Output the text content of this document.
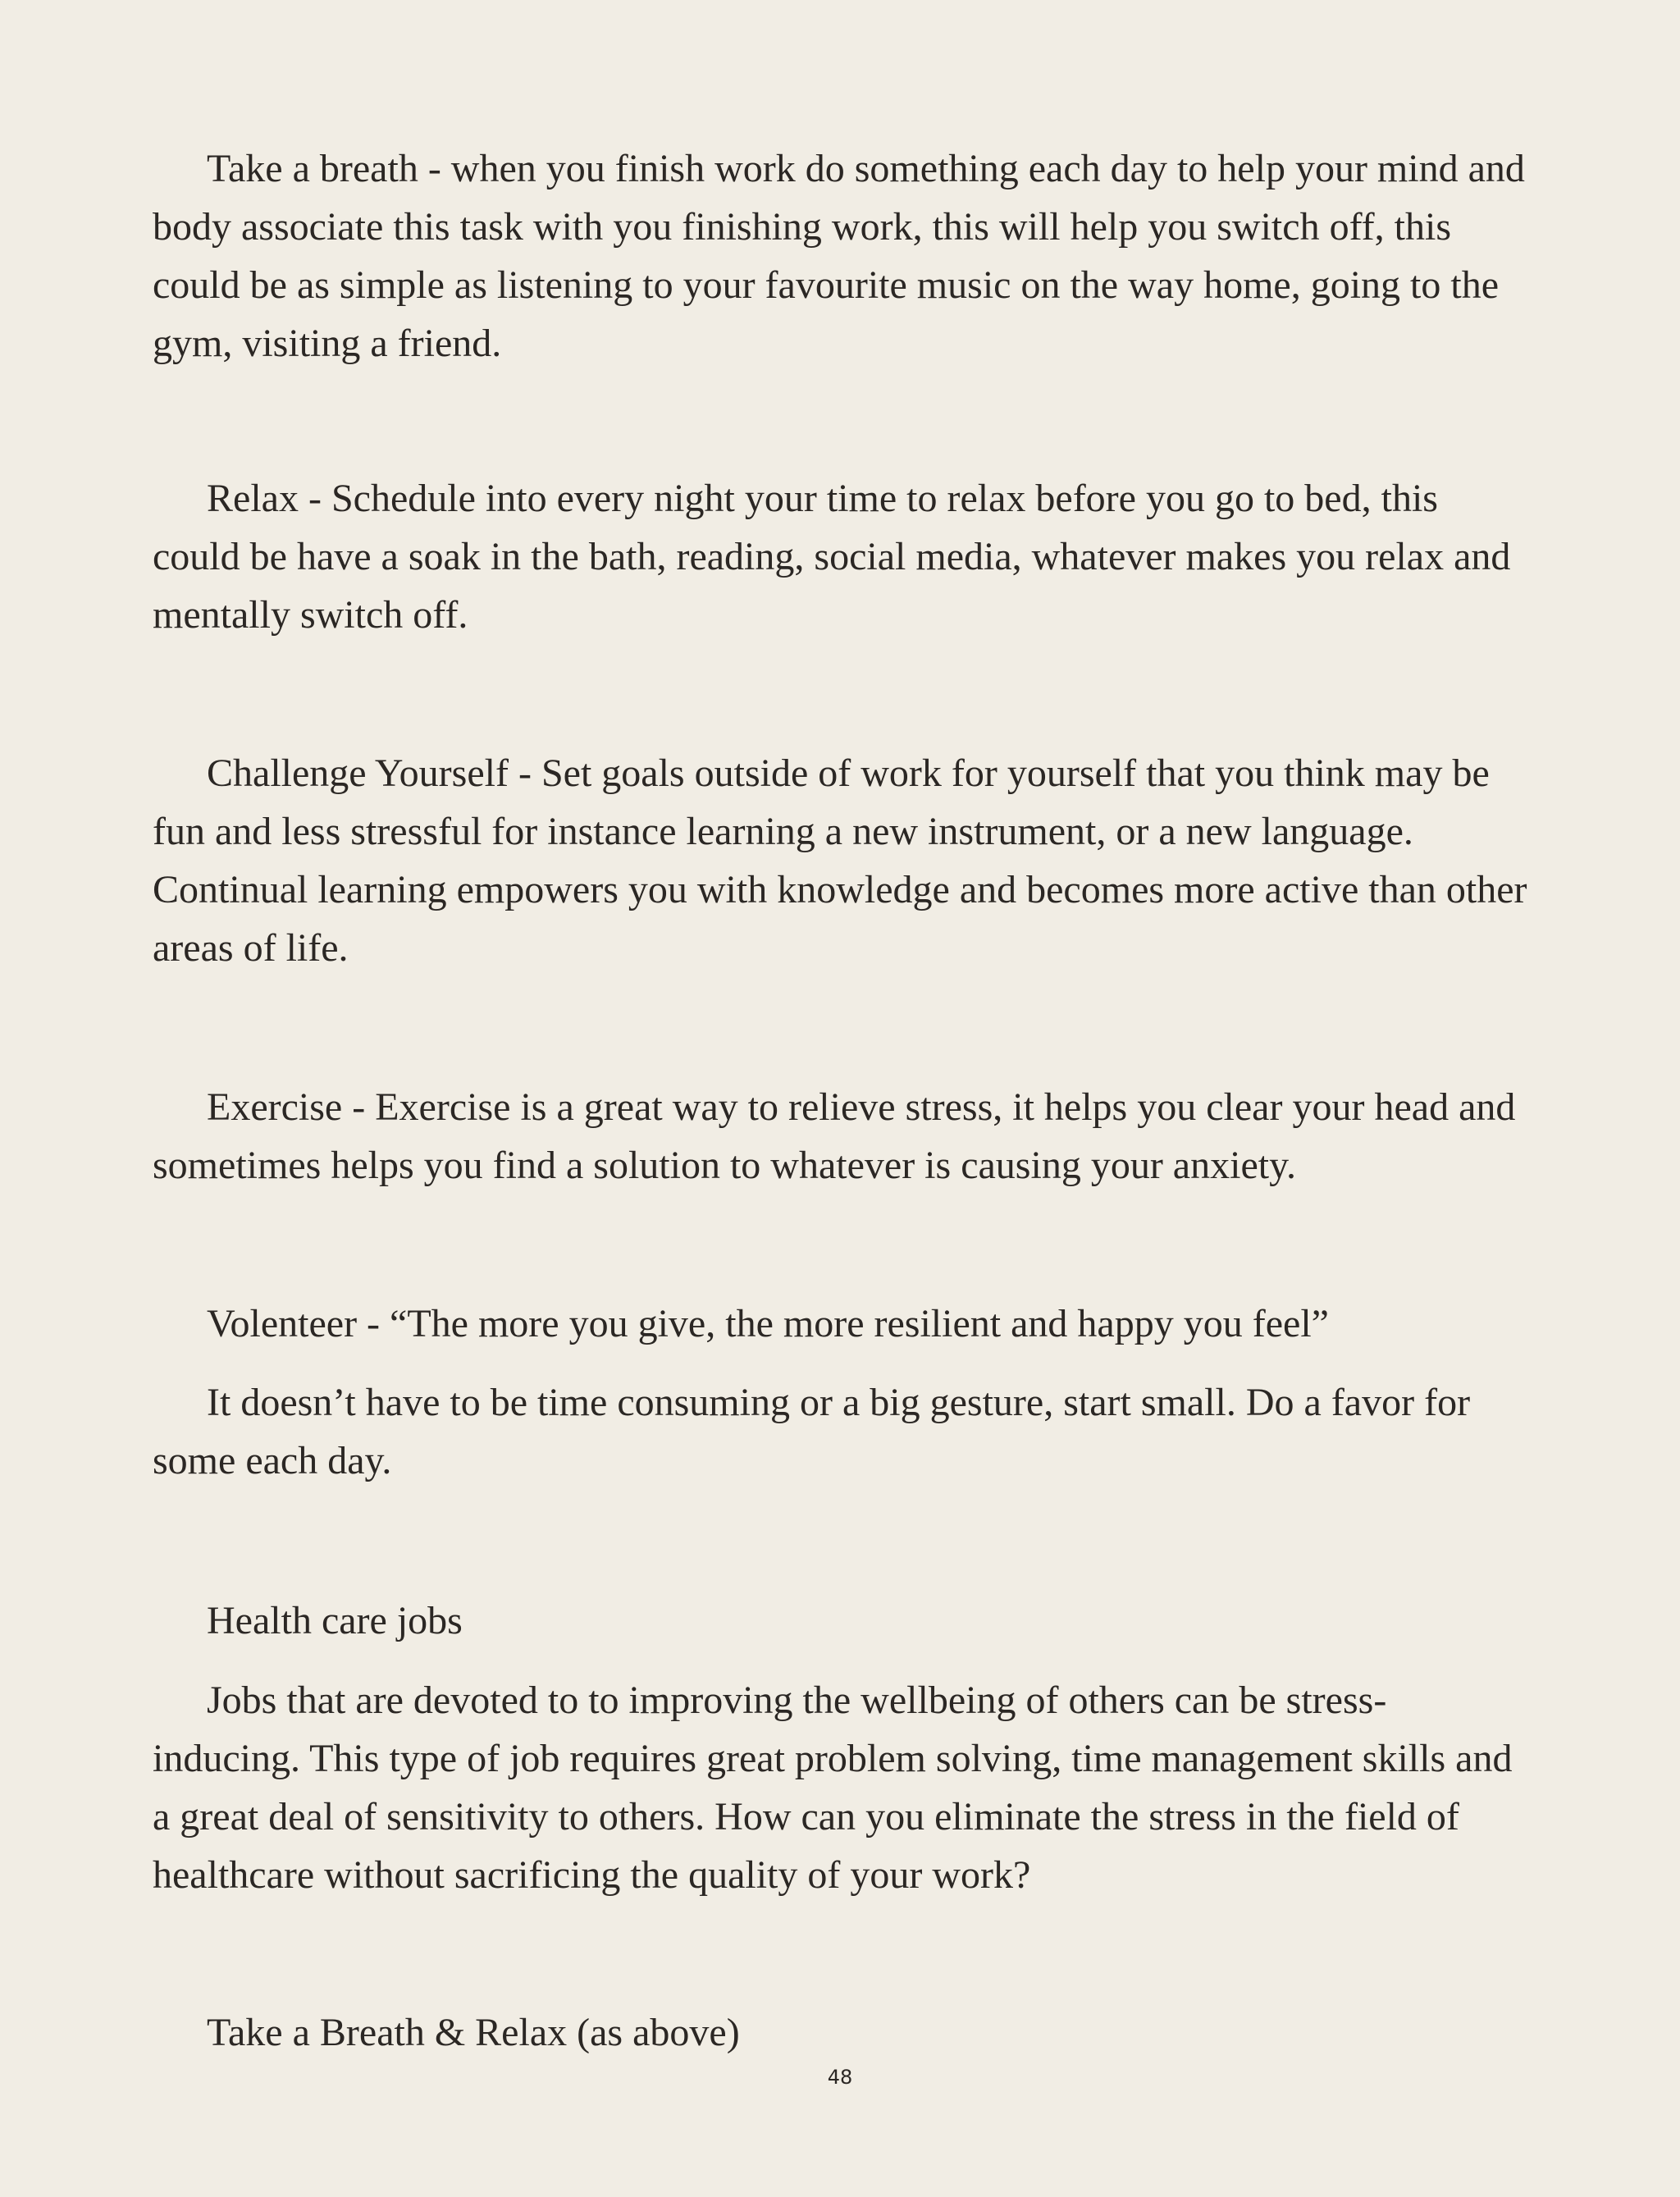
Take a breath - when you finish work do something each day to help your mind and body associate this task with you finishing work, this will help you switch off, this could be as simple as listening to your favourite music on the way home, going to the gym, visiting a friend.

Relax - Schedule into every night your time to relax before you go to bed, this could be have a soak in the bath, reading, social media, whatever makes you relax and mentally switch off.

Challenge Yourself - Set goals outside of work for yourself that you think may be fun and less stressful for instance learning a new instrument, or a new language. Continual learning empowers you with knowledge and becomes more active than other areas of life.

Exercise - Exercise is a great way to relieve stress, it helps you clear your head and sometimes helps you find a solution to whatever is causing your anxiety.

Volenteer - “The more you give, the more resilient and happy you feel”

It doesn’t have to be time consuming or a big gesture, start small. Do a favor for some each day.

Health care jobs

Jobs that are devoted to to improving the wellbeing of others can be stress-inducing. This type of job requires great problem solving, time management skills and a great deal of sensitivity to others. How can you eliminate the stress in the field of healthcare without sacrificing the quality of your work?

Take a Breath & Relax (as above)

48
